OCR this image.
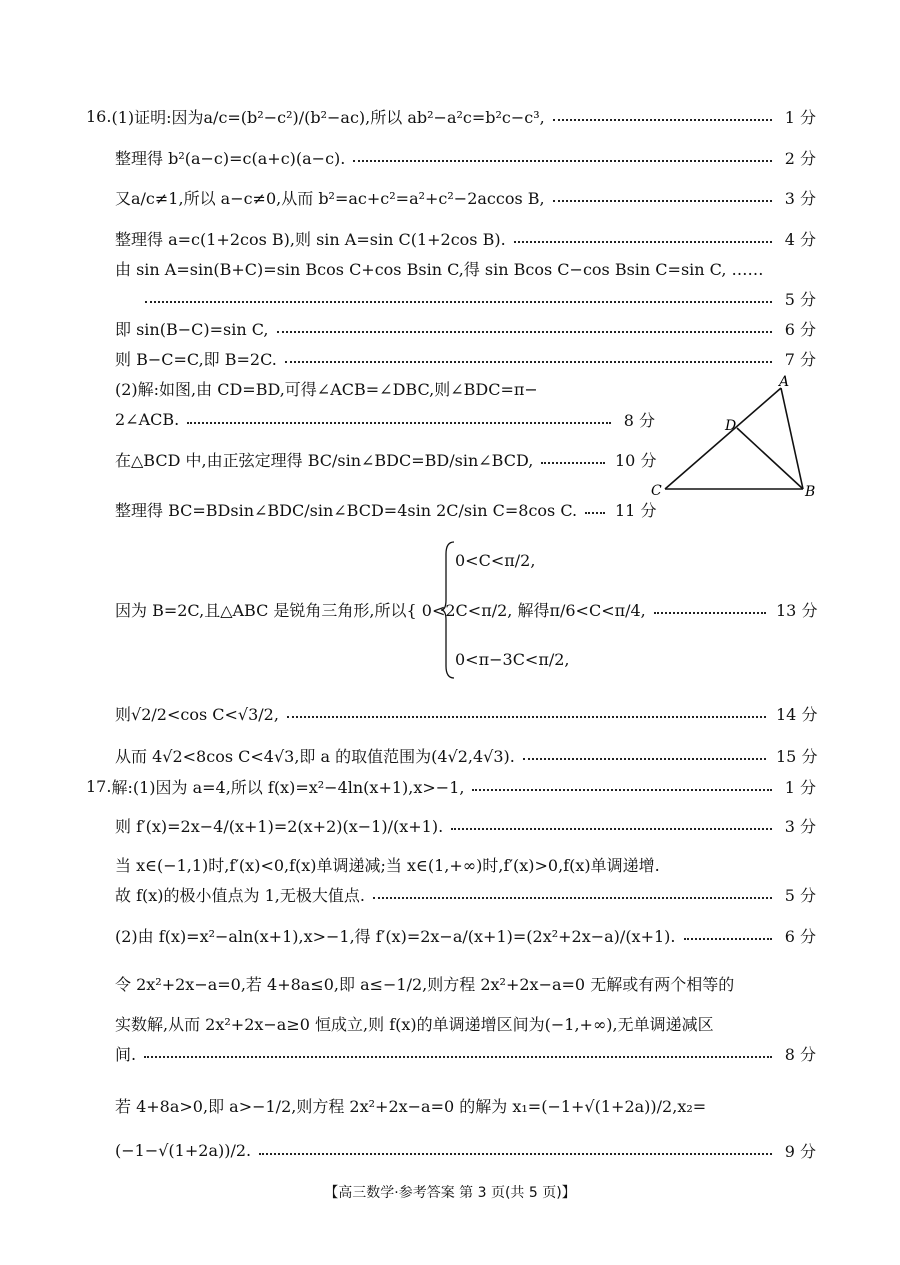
16. (1)证明:因为a/c=(b²−c²)/(b²−ac),所以 ab²−a²c=b²c−c³,	1 分
整理得 b²(a−c)=c(a+c)(a−c).	2 分
又a/c≠1,所以 a−c≠0,从而 b²=ac+c²=a²+c²−2accos B,	3 分
整理得 a=c(1+2cos B),则 sin A=sin C(1+2cos B).	4 分
由 sin A=sin(B+C)=sin Bcos C+cos Bsin C,得 sin Bcos C−cos Bsin C=sin C, ……
5 分
即 sin(B−C)=sin C,	6 分
则 B−C=C,即 B=2C.	7 分
(2)解:如图,由 CD=BD,可得∠ACB=∠DBC,则∠BDC=π−
2∠ACB.	8 分
在△BCD 中,由正弦定理得 BC/sin∠BDC=BD/sin∠BCD,	10 分
整理得 BC=BDsin∠BDC/sin∠BCD=4sin 2C/sin C=8cos C. 11 分
0<C<π/2,
因为 B=2C,且△ABC 是锐角三角形,所以{ 0<2C<π/2, 解得π/6<C<π/4,	13 分
0<π−3C<π/2,
则√2/2<cos C<√3/2,	14 分
从而 4√2<8cos C<4√3,即 a 的取值范围为(4√2,4√3).	15 分
A
D
C	B
17. 解:(1)因为 a=4,所以 f(x)=x²−4ln(x+1),x>−1,	1 分
则 f′(x)=2x−4/(x+1)=2(x+2)(x−1)/(x+1).	3 分
当 x∈(−1,1)时,f′(x)<0,f(x)单调递减;当 x∈(1,+∞)时,f′(x)>0,f(x)单调递增.
故 f(x)的极小值点为 1,无极大值点.	5 分
(2)由 f(x)=x²−aln(x+1),x>−1,得 f′(x)=2x−a/(x+1)=(2x²+2x−a)/(x+1).	6 分
令 2x²+2x−a=0,若 4+8a≤0,即 a≤−1/2,则方程 2x²+2x−a=0 无解或有两个相等的
实数解,从而 2x²+2x−a≥0 恒成立,则 f(x)的单调递增区间为(−1,+∞),无单调递减区
间.	8 分
若 4+8a>0,即 a>−1/2,则方程 2x²+2x−a=0 的解为 x₁=(−1+√(1+2a))/2,x₂=
(−1−√(1+2a))/2.	9 分
【高三数学·参考答案 第 3 页(共 5 页)】
